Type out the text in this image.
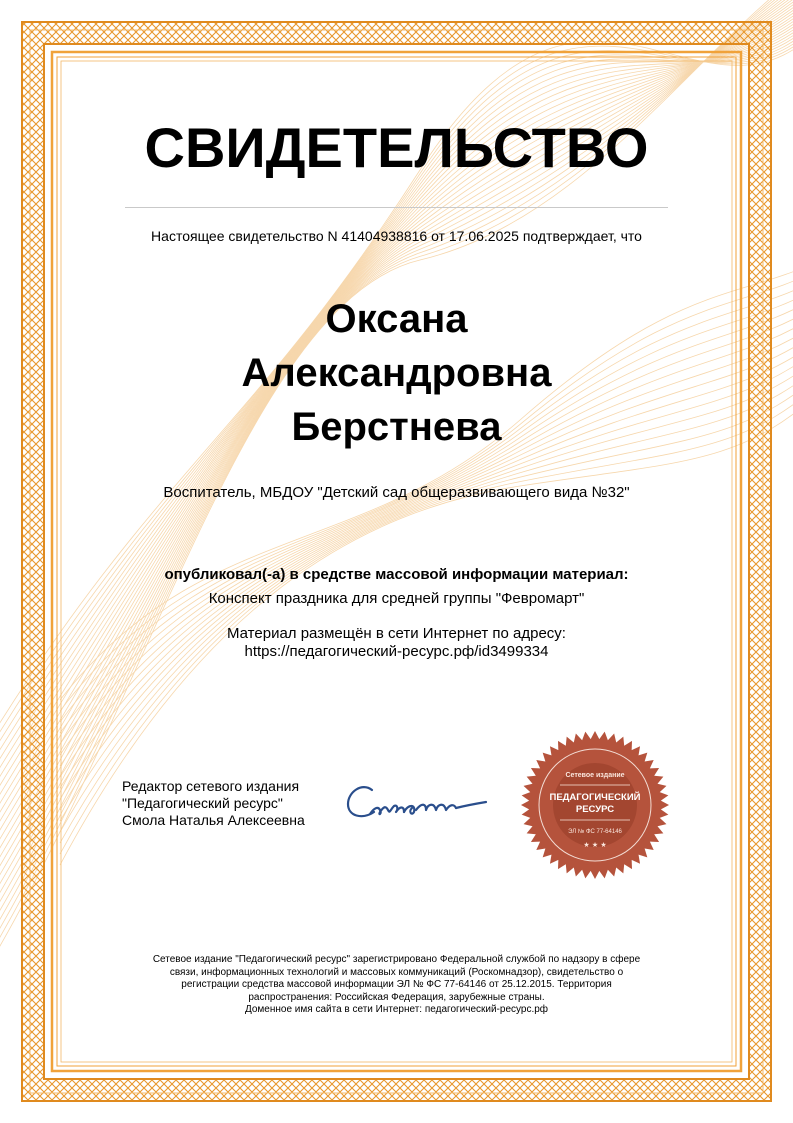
СВИДЕТЕЛЬСТВО
Настоящее свидетельство N 41404938816 от 17.06.2025 подтверждает, что
Оксана
Александровна
Берстнева
Воспитатель, МБДОУ "Детский сад общеразвивающего вида №32"
опубликовал(-а) в средстве массовой информации материал:
Конспект праздника для средней группы "Февромарт"
Материал размещён в сети Интернет по адресу:
https://педагогический-ресурс.рф/id3499334
Редактор сетевого издания
"Педагогический ресурс"
Смола Наталья Алексеевна
Сетевое издание
ПЕДАГОГИЧЕСКИЙ
РЕСУРС
ЭЛ № ФС 77-64146
★ ★ ★
Сетевое издание "Педагогический ресурс" зарегистрировано Федеральной службой по надзору в сфере
связи, информационных технологий и массовых коммуникаций (Роскомнадзор), свидетельство о
регистрации средства массовой информации ЭЛ № ФС 77-64146 от 25.12.2015. Территория
распространения: Российская Федерация, зарубежные страны.
Доменное имя сайта в сети Интернет: педагогический-ресурс.рф
